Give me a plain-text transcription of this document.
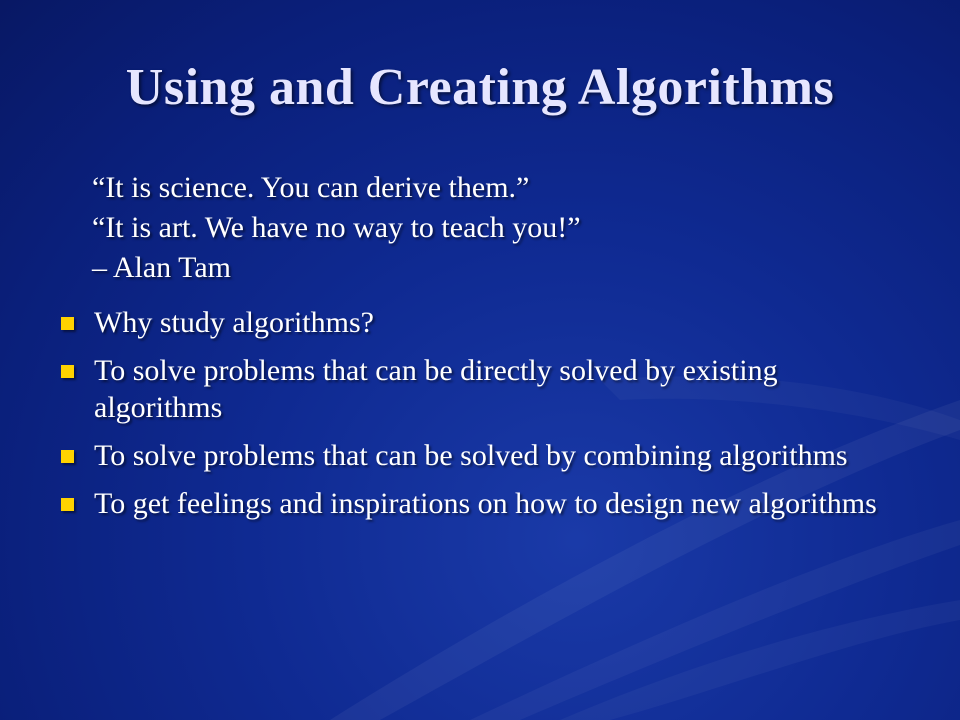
Using and Creating Algorithms
“It is science. You can derive them.”
“It is art. We have no way to teach you!”
– Alan Tam
Why study algorithms?
To solve problems that can be directly solved by existing algorithms
To solve problems that can be solved by combining algorithms
To get feelings and inspirations on how to design new algorithms
